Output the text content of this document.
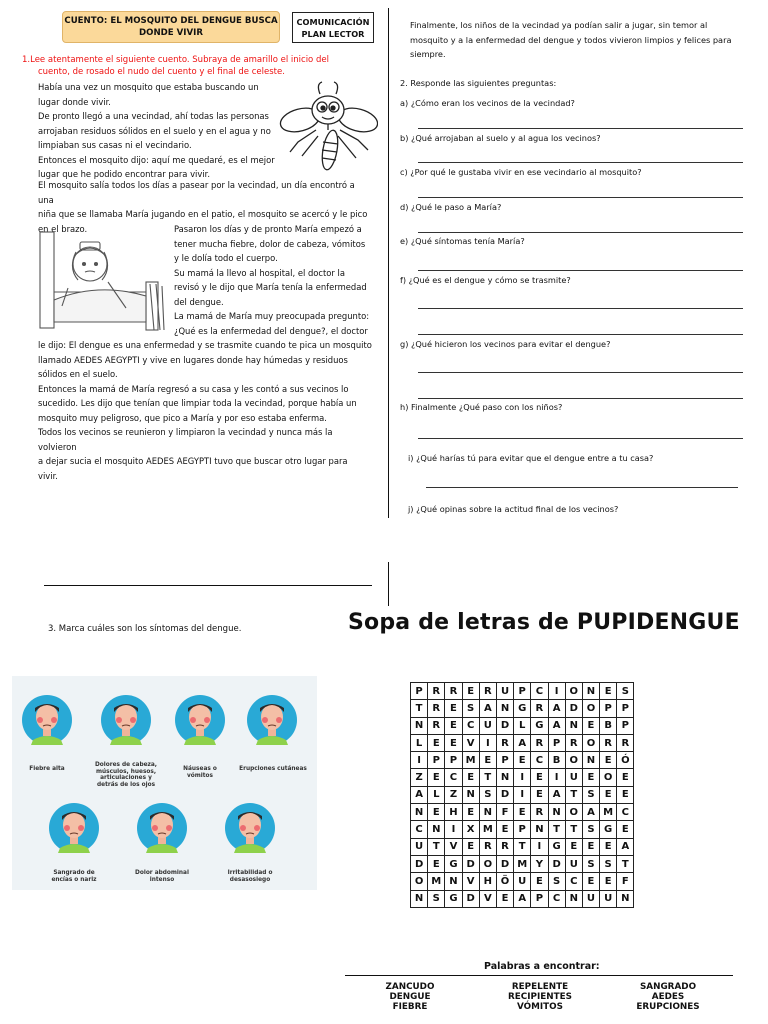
CUENTO: EL MOSQUITO DEL DENGUE BUSCA
DONDE VIVIR
COMUNICACIÓN
PLAN LECTOR
1.Lee atentamente el siguiente cuento. Subraya de amarillo el inicio del
cuento, de rosado el nudo del cuento y el final de celeste.

Había una vez un mosquito que estaba buscando un

lugar donde vivir.

De pronto llegó a una vecindad, ahí todas las personas

arrojaban residuos sólidos en el suelo y en el agua y no

limpiaban sus casas ni el vecindario.

Entonces el mosquito dijo: aquí me quedaré, es el mejor

lugar que he podido encontrar para vivir.

El mosquito salía todos los días a pasear por la vecindad, un día encontró a una

niña que se llamaba María jugando en el patio, el mosquito se acercó y le pico

en el brazo.	Pasaron los días y de pronto María empezó a

tener mucha fiebre, dolor de cabeza, vómitos

y le dolía todo el cuerpo.

Su mamá la llevo al hospital, el doctor la

revisó y le dijo que María tenía la enfermedad

del dengue.

La mamá de María muy preocupada pregunto:

¿Qué es la enfermedad del dengue?, el doctor

le dijo: El dengue es una enfermedad y se trasmite cuando te pica un mosquito

llamado AEDES AEGYPTI y vive en lugares donde hay húmedas y residuos

sólidos en el suelo.

Entonces la mamá de María regresó a su casa y les contó a sus vecinos lo

sucedido. Les dijo que tenían que limpiar toda la vecindad, porque había un

mosquito muy peligroso, que pico a María y por eso estaba enferma.

Todos los vecinos se reunieron y limpiaron la vecindad y nunca más la volvieron

a dejar sucia el mosquito AEDES AEGYPTI tuvo que buscar otro lugar para

vivir.

Finalmente, los niños de la vecindad ya podían salir a jugar, sin temor al
mosquito y a la enfermedad del dengue y todos vivieron limpios y felices para
siempre.
2. Responde las siguientes preguntas:
a) ¿Cómo eran los vecinos de la vecindad?
b) ¿Qué arrojaban al suelo y al agua los vecinos?
c) ¿Por qué le gustaba vivir en ese vecindario al mosquito?
d) ¿Qué le paso a María?
e) ¿Qué síntomas tenía María?
f) ¿Qué es el dengue y cómo se trasmite?
g) ¿Qué hicieron los vecinos para evitar el dengue?
h) Finalmente ¿Qué paso con los niños?
i) ¿Qué harías tú para evitar que el dengue entre a tu casa?
j) ¿Qué opinas sobre la actitud final de los vecinos?
3. Marca cuáles son los síntomas del dengue.
Fiebre alta
Dolores de cabeza, músculos, huesos, articulaciones y detrás de los ojos
Náuseas o vómitos
Erupciones cutáneas
Sangrado de encías o nariz
Dolor abdominal intenso
Irritabilidad o desasosiego
Sopa de letras de PUPIDENGUE
P	R	R	E	R	U	P	C	I	O	N	E	S
T	R	E	S	A	N	G	R	A	D	O	P	P
N	R	E	C	U	D	L	G	A	N	E	B	P
L	E	E	V	I	R	A	R	P	R	O	R	R
I	P	P	M	E	P	E	C	B	O	N	E	Ó
Z	E	C	E	T	N	I	E	I	U	E	O	E
A	L	Z	N	S	D	I	E	A	T	S	E	E
N	E	H	E	N	F	E	R	N	O	A	M	C
C	N	I	X	M	E	P	N	T	T	S	G	E
U	T	V	E	R	R	T	I	G	E	E	E	A
D	E	G	D	O	D	M	Y	D	U	S	S	T
O	M	N	V	H	Ö	U	E	S	C	E	E	F
N	S	G	D	V	E	A	P	C	N	U	U	N
Palabras a encontrar:
ZANCUDO
DENGUE
FIEBRE
REPELENTE
RECIPIENTES
VÓMITOS
SANGRADO
AEDES
ERUPCIONES
